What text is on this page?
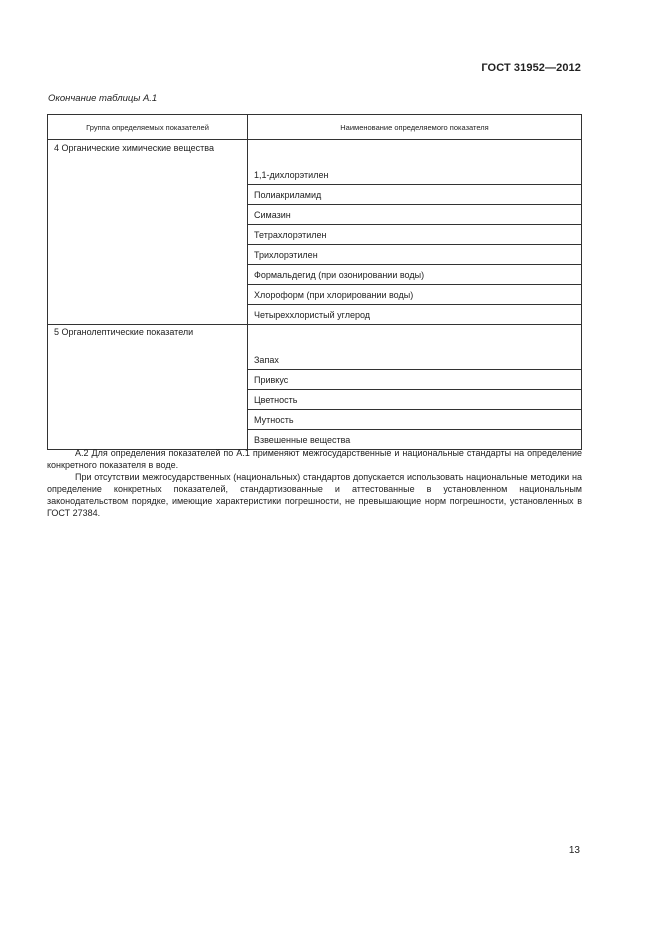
ГОСТ 31952—2012
Окончание таблицы А.1
Группа определяемых показателей	Наименование определяемого показателя
4 Органические химические вещества	1,1-дихлорэтилен
	Полиакриламид
	Симазин
	Тетрахлорэтилен
	Трихлорэтилен
	Формальдегид (при озонировании воды)
	Хлороформ (при хлорировании воды)
	Четыреххлористый углерод
5 Органолептические показатели	Запах
	Привкус
	Цветность
	Мутность
	Взвешенные вещества

А.2 Для определения показателей по А.1 применяют межгосударственные и национальные стандарты на определение конкретного показателя в воде.

При отсутствии межгосударственных (национальных) стандартов допускается использовать национальные методики на определение конкретных показателей, стандартизованные и аттестованные в установленном национальным законодательством порядке, имеющие характеристики погрешности, не превышающие норм погрешности, установленных в ГОСТ 27384.

13
